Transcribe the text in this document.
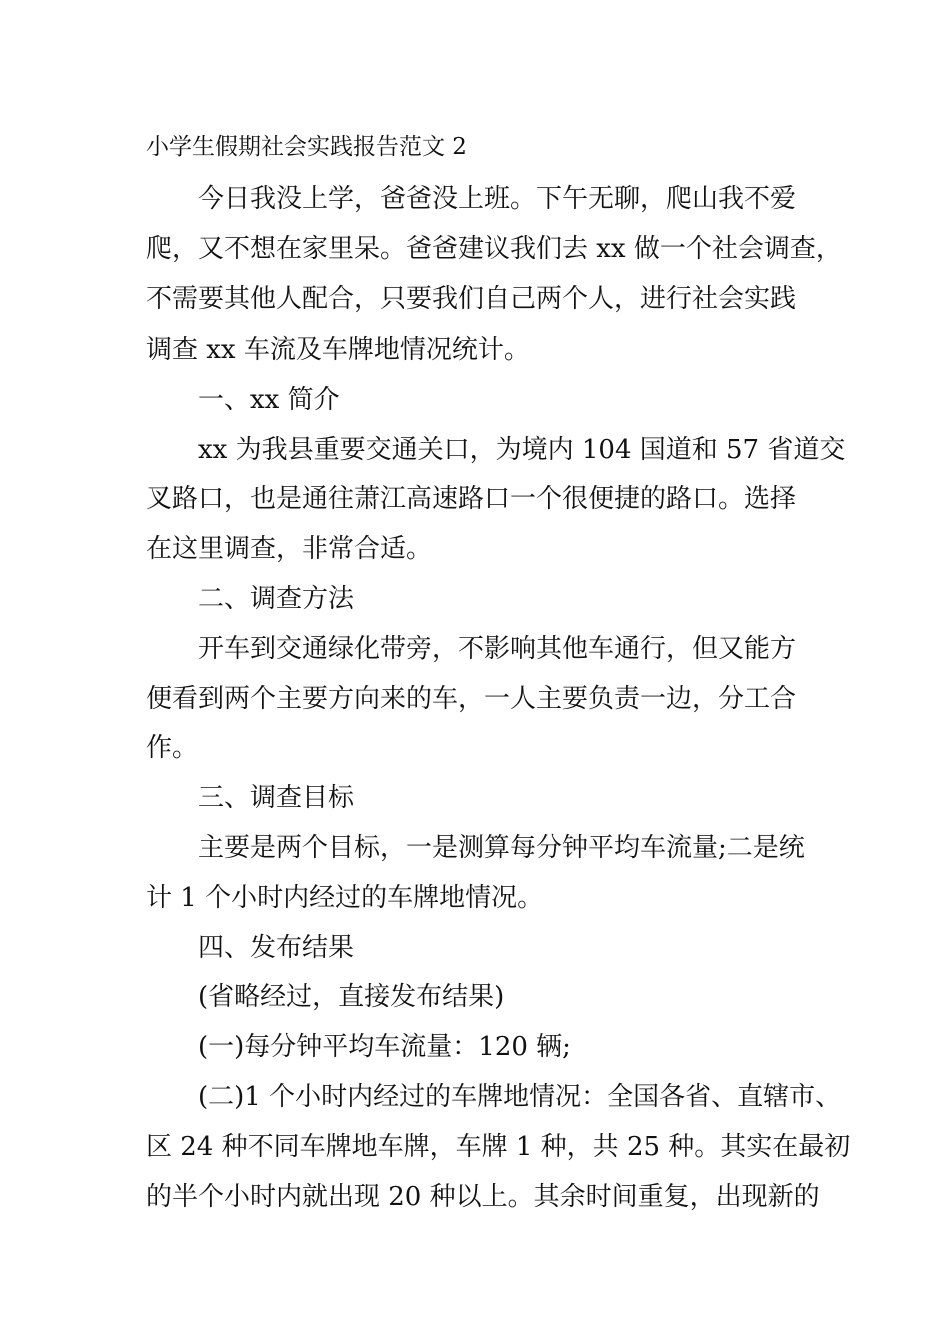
小学生假期社会实践报告范文 2
今日我没上学，爸爸没上班。下午无聊，爬山我不爱
爬，又不想在家里呆。爸爸建议我们去 xx 做一个社会调查，
不需要其他人配合，只要我们自己两个人，进行社会实践
调查 xx 车流及车牌地情况统计。
一、xx 简介
xx 为我县重要交通关口，为境内 104 国道和 57 省道交
叉路口，也是通往萧江高速路口一个很便捷的路口。选择
在这里调查，非常合适。
二、调查方法
开车到交通绿化带旁，不影响其他车通行，但又能方
便看到两个主要方向来的车，一人主要负责一边，分工合
作。
三、调查目标
主要是两个目标，一是测算每分钟平均车流量;二是统
计 1 个小时内经过的车牌地情况。
四、发布结果
(省略经过，直接发布结果)
(一)每分钟平均车流量：120 辆;
(二)1 个小时内经过的车牌地情况：全国各省、直辖市、
区 24 种不同车牌地车牌，车牌 1 种，共 25 种。其实在最初
的半个小时内就出现 20 种以上。其余时间重复，出现新的
